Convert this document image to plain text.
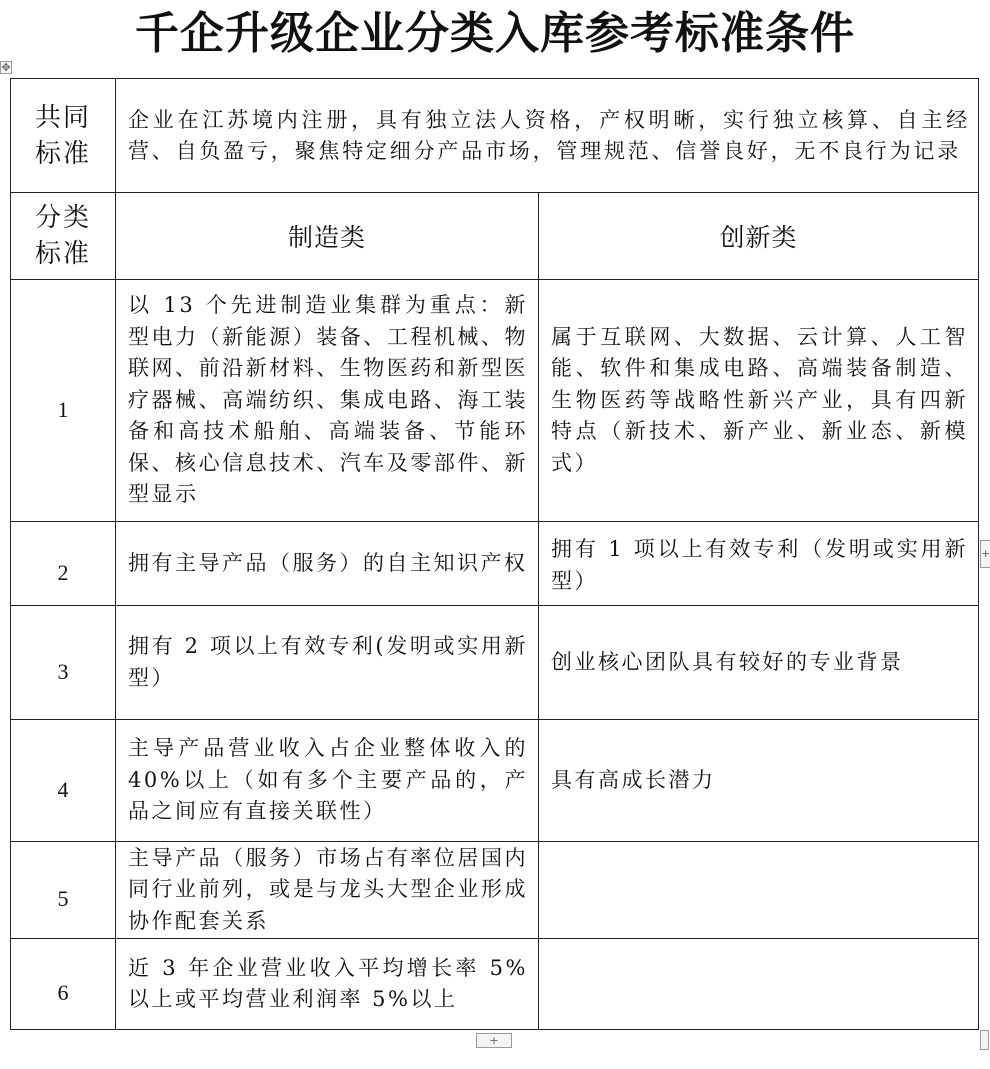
千企升级企业分类入库参考标准条件
✥
共同标准	企业在江苏境内注册，具有独立法人资格，产权明晰，实行独立核算、自主经营、自负盈亏，聚焦特定细分产品市场，管理规范、信誉良好，无不良行为记录	

分类标准	制造类	创新类
1	以 13 个先进制造业集群为重点：新型电力（新能源）装备、工程机械、物联网、前沿新材料、生物医药和新型医疗器械、高端纺织、集成电路、海工装备和高技术船舶、高端装备、节能环保、核心信息技术、汽车及零部件、新型显示	属于互联网、大数据、云计算、人工智能、软件和集成电路、高端装备制造、生物医药等战略性新兴产业，具有四新特点（新技术、新产业、新业态、新模式）
2	拥有主导产品（服务）的自主知识产权	拥有 1 项以上有效专利（发明或实用新型）
3	拥有 2 项以上有效专利(发明或实用新型）	创业核心团队具有较好的专业背景
4	主导产品营业收入占企业整体收入的 40%以上（如有多个主要产品的，产品之间应有直接关联性）	具有高成长潜力
5	主导产品（服务）市场占有率位居国内同行业前列，或是与龙头大型企业形成协作配套关系	
6	近 3 年企业营业收入平均增长率 5%以上或平均营业利润率 5%以上	
+
+
